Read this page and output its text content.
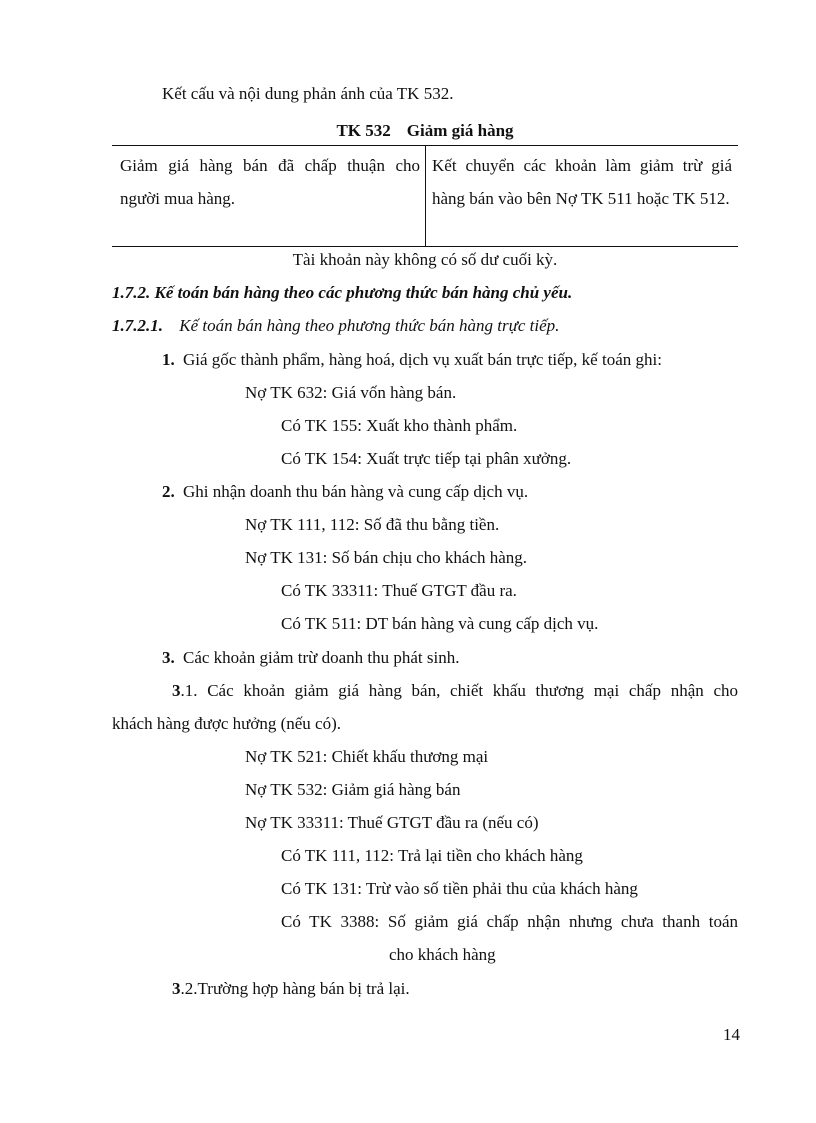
Kết cấu và nội dung phản ánh của TK 532.
TK 532 Giảm giá hàng
Giảm giá hàng bán đã chấp thuận cho người mua hàng.
Kết chuyển các khoản làm giảm trừ giá hàng bán vào bên Nợ TK 511 hoặc TK 512.
Tài khoản này không có số dư cuối kỳ.
1.7.2. Kế toán bán hàng theo các phương thức bán hàng chủ yếu.
1.7.2.1. Kế toán bán hàng theo phương thức bán hàng trực tiếp.
1. Giá gốc thành phẩm, hàng hoá, dịch vụ xuất bán trực tiếp, kế toán ghi:
Nợ TK 632: Giá vốn hàng bán.
Có TK 155: Xuất kho thành phẩm.
Có TK 154: Xuất trực tiếp tại phân xưởng.
2. Ghi nhận doanh thu bán hàng và cung cấp dịch vụ.
Nợ TK 111, 112: Số đã thu bằng tiền.
Nợ TK 131: Số bán chịu cho khách hàng.
Có TK 33311: Thuế GTGT đầu ra.
Có TK 511: DT bán hàng và cung cấp dịch vụ.
3. Các khoản giảm trừ doanh thu phát sinh.
3.1. Các khoản giảm giá hàng bán, chiết khấu thương mại chấp nhận cho
khách hàng được hưởng (nếu có).
Nợ TK 521: Chiết khấu thương mại
Nợ TK 532: Giảm giá hàng bán
Nợ TK 33311: Thuế GTGT đầu ra (nếu có)
Có TK 111, 112: Trả lại tiền cho khách hàng
Có TK 131: Trừ vào số tiền phải thu của khách hàng
Có TK 3388: Số giảm giá chấp nhận nhưng chưa thanh toán
cho khách hàng
3.2.Trường hợp hàng bán bị trả lại.
14
